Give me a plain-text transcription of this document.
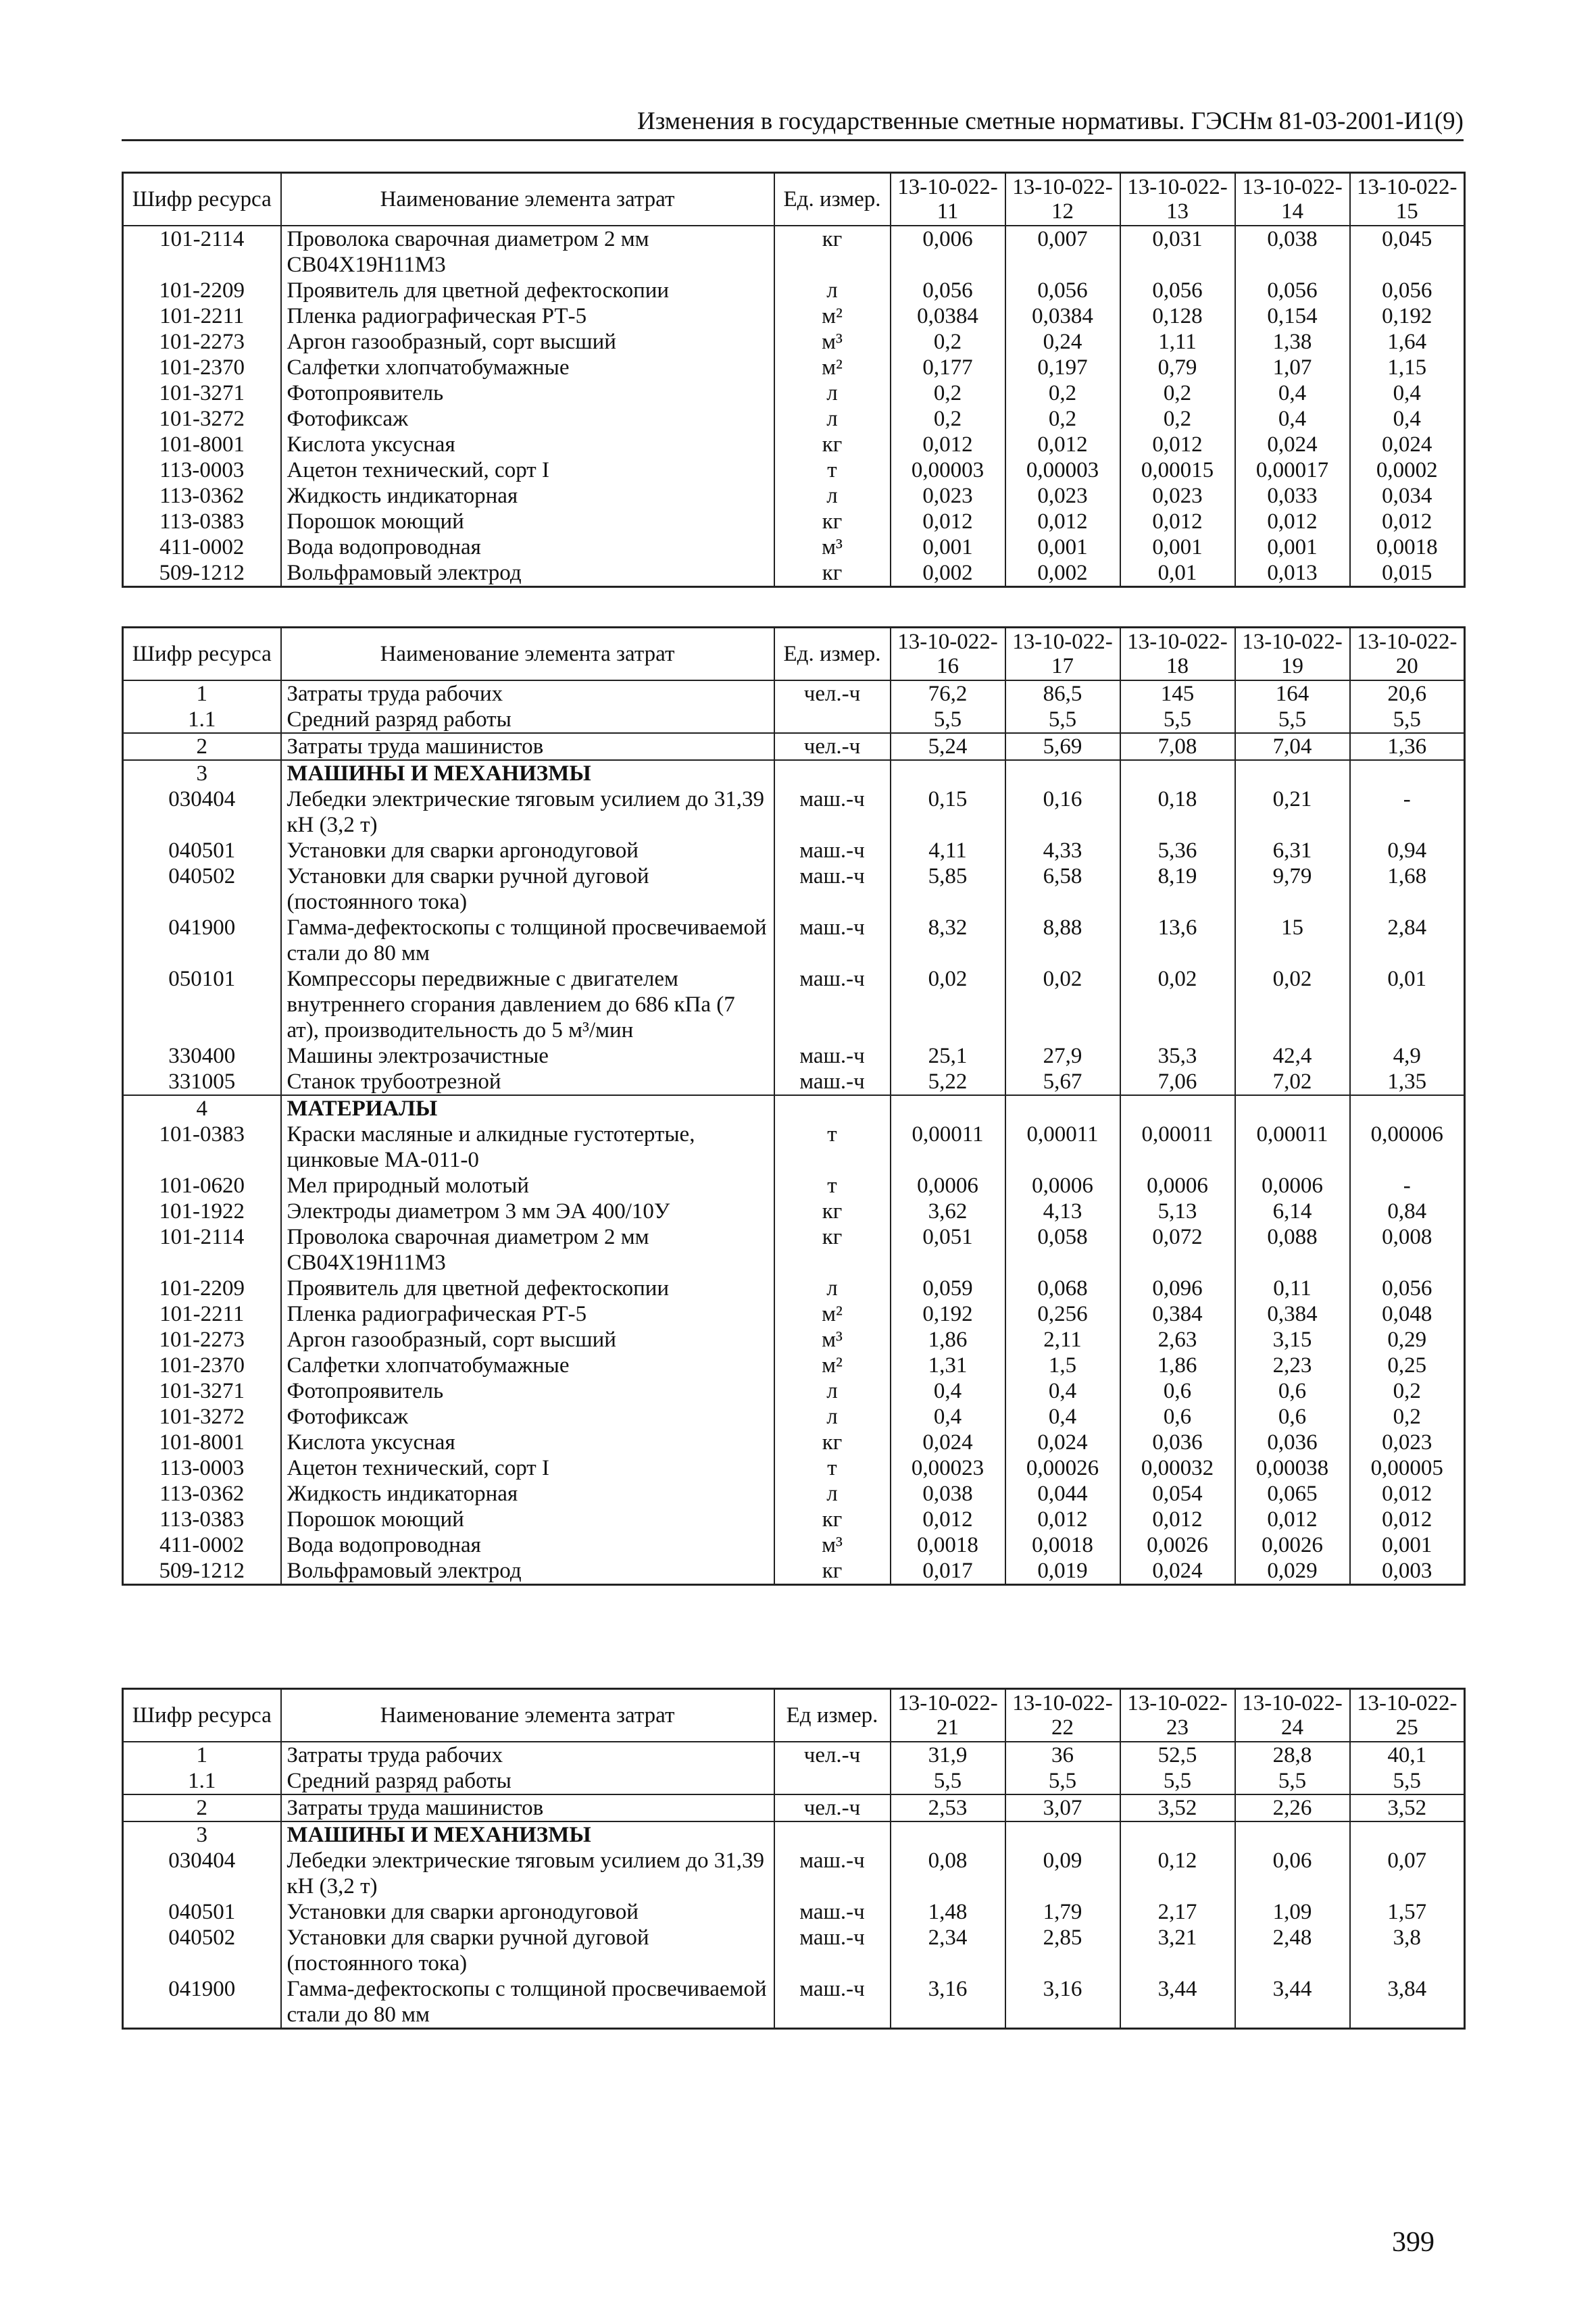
Изменения в государственные сметные нормативы. ГЭСНм 81-03-2001-И1(9)
Шифр ресурса	Наименование элемента затрат	Ед. измер.	13-10-022-11	13-10-022-12	13-10-022-13	13-10-022-14	13-10-022-15
101-2114	Проволока сварочная диаметром 2 мм СВ04Х19Н11М3	кг	0,006	0,007	0,031	0,038	0,045
101-2209	Проявитель для цветной дефектоскопии	л	0,056	0,056	0,056	0,056	0,056
101-2211	Пленка радиографическая РТ-5	м²	0,0384	0,0384	0,128	0,154	0,192
101-2273	Аргон газообразный, сорт высший	м³	0,2	0,24	1,11	1,38	1,64
101-2370	Салфетки хлопчатобумажные	м²	0,177	0,197	0,79	1,07	1,15
101-3271	Фотопроявитель	л	0,2	0,2	0,2	0,4	0,4
101-3272	Фотофиксаж	л	0,2	0,2	0,2	0,4	0,4
101-8001	Кислота уксусная	кг	0,012	0,012	0,012	0,024	0,024
113-0003	Ацетон технический, сорт I	т	0,00003	0,00003	0,00015	0,00017	0,0002
113-0362	Жидкость индикаторная	л	0,023	0,023	0,023	0,033	0,034
113-0383	Порошок моющий	кг	0,012	0,012	0,012	0,012	0,012
411-0002	Вода водопроводная	м³	0,001	0,001	0,001	0,001	0,0018
509-1212	Вольфрамовый электрод	кг	0,002	0,002	0,01	0,013	0,015
Шифр ресурса	Наименование элемента затрат	Ед. измер.	13-10-022-16	13-10-022-17	13-10-022-18	13-10-022-19	13-10-022-20
1	Затраты труда рабочих	чел.-ч	76,2	86,5	145	164	20,6
1.1	Средний разряд работы		5,5	5,5	5,5	5,5	5,5
2	Затраты труда машинистов	чел.-ч	5,24	5,69	7,08	7,04	1,36
3	МАШИНЫ И МЕХАНИЗМЫ						
030404	Лебедки электрические тяговым усилием до 31,39 кН (3,2 т)	маш.-ч	0,15	0,16	0,18	0,21	-
040501	Установки для сварки аргонодуговой	маш.-ч	4,11	4,33	5,36	6,31	0,94
040502	Установки для сварки ручной дуговой (постоянного тока)	маш.-ч	5,85	6,58	8,19	9,79	1,68
041900	Гамма-дефектоскопы с толщиной просвечиваемой стали до 80 мм	маш.-ч	8,32	8,88	13,6	15	2,84
050101	Компрессоры передвижные с двигателем внутреннего сгорания давлением до 686 кПа (7 ат), производительность до 5 м³/мин	маш.-ч	0,02	0,02	0,02	0,02	0,01
330400	Машины электрозачистные	маш.-ч	25,1	27,9	35,3	42,4	4,9
331005	Станок трубоотрезной	маш.-ч	5,22	5,67	7,06	7,02	1,35
4	МАТЕРИАЛЫ						
101-0383	Краски масляные и алкидные густотертые, цинковые МА-011-0	т	0,00011	0,00011	0,00011	0,00011	0,00006
101-0620	Мел природный молотый	т	0,0006	0,0006	0,0006	0,0006	-
101-1922	Электроды диаметром 3 мм ЭА 400/10У	кг	3,62	4,13	5,13	6,14	0,84
101-2114	Проволока сварочная диаметром 2 мм СВ04Х19Н11М3	кг	0,051	0,058	0,072	0,088	0,008
101-2209	Проявитель для цветной дефектоскопии	л	0,059	0,068	0,096	0,11	0,056
101-2211	Пленка радиографическая РТ-5	м²	0,192	0,256	0,384	0,384	0,048
101-2273	Аргон газообразный, сорт высший	м³	1,86	2,11	2,63	3,15	0,29
101-2370	Салфетки хлопчатобумажные	м²	1,31	1,5	1,86	2,23	0,25
101-3271	Фотопроявитель	л	0,4	0,4	0,6	0,6	0,2
101-3272	Фотофиксаж	л	0,4	0,4	0,6	0,6	0,2
101-8001	Кислота уксусная	кг	0,024	0,024	0,036	0,036	0,023
113-0003	Ацетон технический, сорт I	т	0,00023	0,00026	0,00032	0,00038	0,00005
113-0362	Жидкость индикаторная	л	0,038	0,044	0,054	0,065	0,012
113-0383	Порошок моющий	кг	0,012	0,012	0,012	0,012	0,012
411-0002	Вода водопроводная	м³	0,0018	0,0018	0,0026	0,0026	0,001
509-1212	Вольфрамовый электрод	кг	0,017	0,019	0,024	0,029	0,003
Шифр ресурса	Наименование элемента затрат	Ед измер.	13-10-022-21	13-10-022-22	13-10-022-23	13-10-022-24	13-10-022-25
1	Затраты труда рабочих	чел.-ч	31,9	36	52,5	28,8	40,1
1.1	Средний разряд работы		5,5	5,5	5,5	5,5	5,5
2	Затраты труда машинистов	чел.-ч	2,53	3,07	3,52	2,26	3,52
3	МАШИНЫ И МЕХАНИЗМЫ						
030404	Лебедки электрические тяговым усилием до 31,39 кН (3,2 т)	маш.-ч	0,08	0,09	0,12	0,06	0,07
040501	Установки для сварки аргонодуговой	маш.-ч	1,48	1,79	2,17	1,09	1,57
040502	Установки для сварки ручной дуговой (постоянного тока)	маш.-ч	2,34	2,85	3,21	2,48	3,8
041900	Гамма-дефектоскопы с толщиной просвечиваемой стали до 80 мм	маш.-ч	3,16	3,16	3,44	3,44	3,84
399
